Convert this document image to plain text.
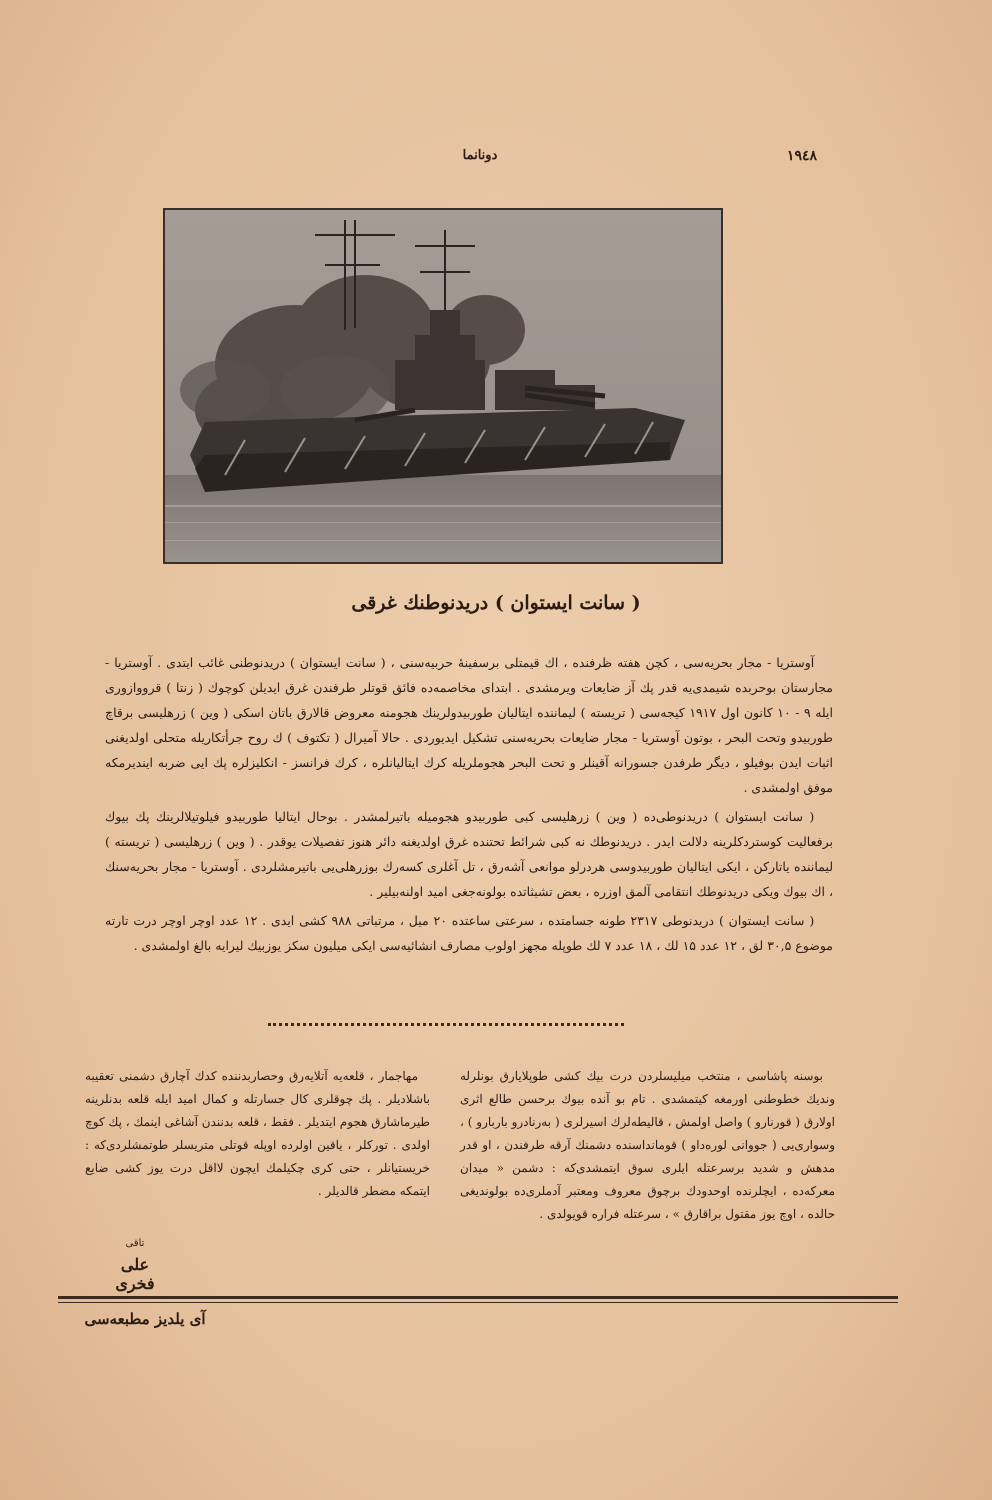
دونانما	١٩٤٨
( سانت ایستوان ) دریدنوطنك غرقی

آوستریا - مجار بحریه‌سی ، کچن هفته ظرفنده ، اك قیمتلی برسفینهٔ حربیه‌سنی ، ( سانت ایستوان ) دریدنوطنی غائب ایتدی . آوستریا - مجارستان بوحربده شیمدی‌یه قدر پك آز ضایعات ویرمشدی . ابتدای مخاصمه‌ده فائق قوتلر طرفندن غرق ایدیلن کوچوك ( زنتا ) قرووازوری ایله ۹ - ۱۰ کانون اول ۱۹۱۷ کیجه‌سی ( تریسته ) لیماننده ایتالیان طوربیدولرینك هجومنه معروض قالارق باتان اسکی ( وین ) زرهلیسی برقاچ طوربیدو وتحت البحر ، بوتون آوستریا - مجار ضایعات بحریه‌سنی تشکیل ایدیوردی . حالا آمیرال ( تکتوف ) ك روح جرأتکاریله متحلی اولدیغنی اثبات ایدن بوفیلو ، دیگر طرفدن جسورانه آقینلر و تحت البحر هجوملریله کرك ایتالیانلره ، کرك فرانسز - انکلیزلره پك ایی ضربه ایندیرمکه موفق اولمشدی .

( سانت ایستوان ) دریدنوطی‌ده ( وین ) زرهلیسی کبی طوربیدو هجومیله باتیرلمشدر . بوحال ایتالیا طوربیدو فیلوتیلالرینك پك بیوك برفعالیت کوستردکلرینه دلالت ایدر . دریدنوطك نه کبی شرائط تحتنده غرق اولدیغنه دائر هنوز تفصیلات یوقدر . ( وین ) زرهلیسی ( تریسته ) لیماننده یاتارکن ، ایکی ایتالیان طوربیدوسی هردرلو موانعی آشه‌رق ، تل آغلری کسه‌رك بوزرهلی‌یی باتیرمشلردی . آوستریا - مجار بحریه‌سنك ، اك بیوك ویکی دریدنوطك انتقامی آلمق اوزره ، بعض تشبثاتده بولونه‌جغی امید اولنه‌بیلیر .

( سانت ایستوان ) دریدنوطی ۲۳۱۷ طونه جسامتده ، سرعتی ساعتده ۲۰ میل ، مرتباتی ۹۸۸ کشی ایدی . ۱۲ عدد اوچر اوچر درت تارته موضوع ۳۰,۵ لق ، ۱۲ عدد ۱۵ لك ، ۱۸ عدد ۷ لك طوپله مجهز اولوب مصارف انشائیه‌سی ایکی میلیون سکز یوزبیك لیرایه بالغ اولمشدی .

بوسنه پاشاسی ، منتخب میلیسلردن درت بیك کشی طوپلایارق بونلرله وندیك خطوطنی اورمغه کیتمشدی . تام بو آنده بیوك برحسن طالع اثری اولارق ( قورنارو ) واصل اولمش ، قالیطه‌لرك اسیرلری ( بەرنادرو باربارو ) ، وسواری‌یی ( جووانی لوره‌داو ) قومانداسنده دشمنك آرقه طرفندن ، او قدر مدهش و شدید برسرعتله ایلری سوق ایتمشدی‌که : دشمن « میدان معرکه‌ده ، ایچلرنده اوحدودك برچوق معروف ومعتبر آدملری‌ده بولوندیغی حالده ، اوچ یوز مقتول براقارق » ، سرعتله فراره قویولدی .

مهاجمار ، قلعه‌یه آتلایه‌رق وحصاربدننده کدك آچارق دشمنی تعقیبه باشلادیلر . پك چوقلری کال جسارتله و کمال امید ایله قلعه بدنلرینه طیرماشارق هجوم ایتدیلر . فقط ، قلعه بدنندن آشاغی اینمك ، پك کوچ اولدی . تورکلر ، یاقین اولردە اوپله قوتلی متریسلر طوتمشلردی‌که : خریستیانلر ، حتی کری چکیلمك ایچون لااقل درت یوز کشی ضایع ایتمکه مضطر قالدیلر .

تاقی
علی فخری
آی یلدیز مطبعه‌سی
